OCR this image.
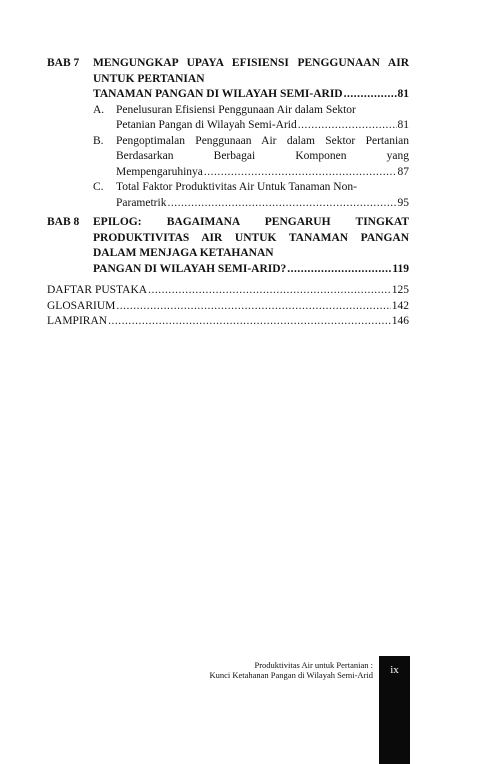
BAB 7 MENGUNGKAP UPAYA EFISIENSI PENGGUNAAN AIR UNTUK PERTANIAN
TANAMAN PANGAN DI WILAYAH SEMI-ARID .....	81
A. Penelusuran Efisiensi Penggunaan Air dalam Sektor
Petanian Pangan di Wilayah Semi-Arid .....	81
B. Pengoptimalan Penggunaan Air dalam Sektor Pertanian Berdasarkan Berbagai Komponen yang
Mempengaruhinya .....	87
C. Total Faktor Produktivitas Air Untuk Tanaman Non-
Parametrik .....	95
BAB 8 EPILOG: BAGAIMANA PENGARUH TINGKAT PRODUKTIVITAS AIR UNTUK TANAMAN PANGAN DALAM MENJAGA KETAHANAN
PANGAN DI WILAYAH SEMI-ARID? .....	119
DAFTAR PUSTAKA .....	125
GLOSARIUM .....	142
LAMPIRAN .....	146
Produktivitas Air untuk Pertanian :
Kunci Ketahanan Pangan di Wilayah Semi-Arid	ix
